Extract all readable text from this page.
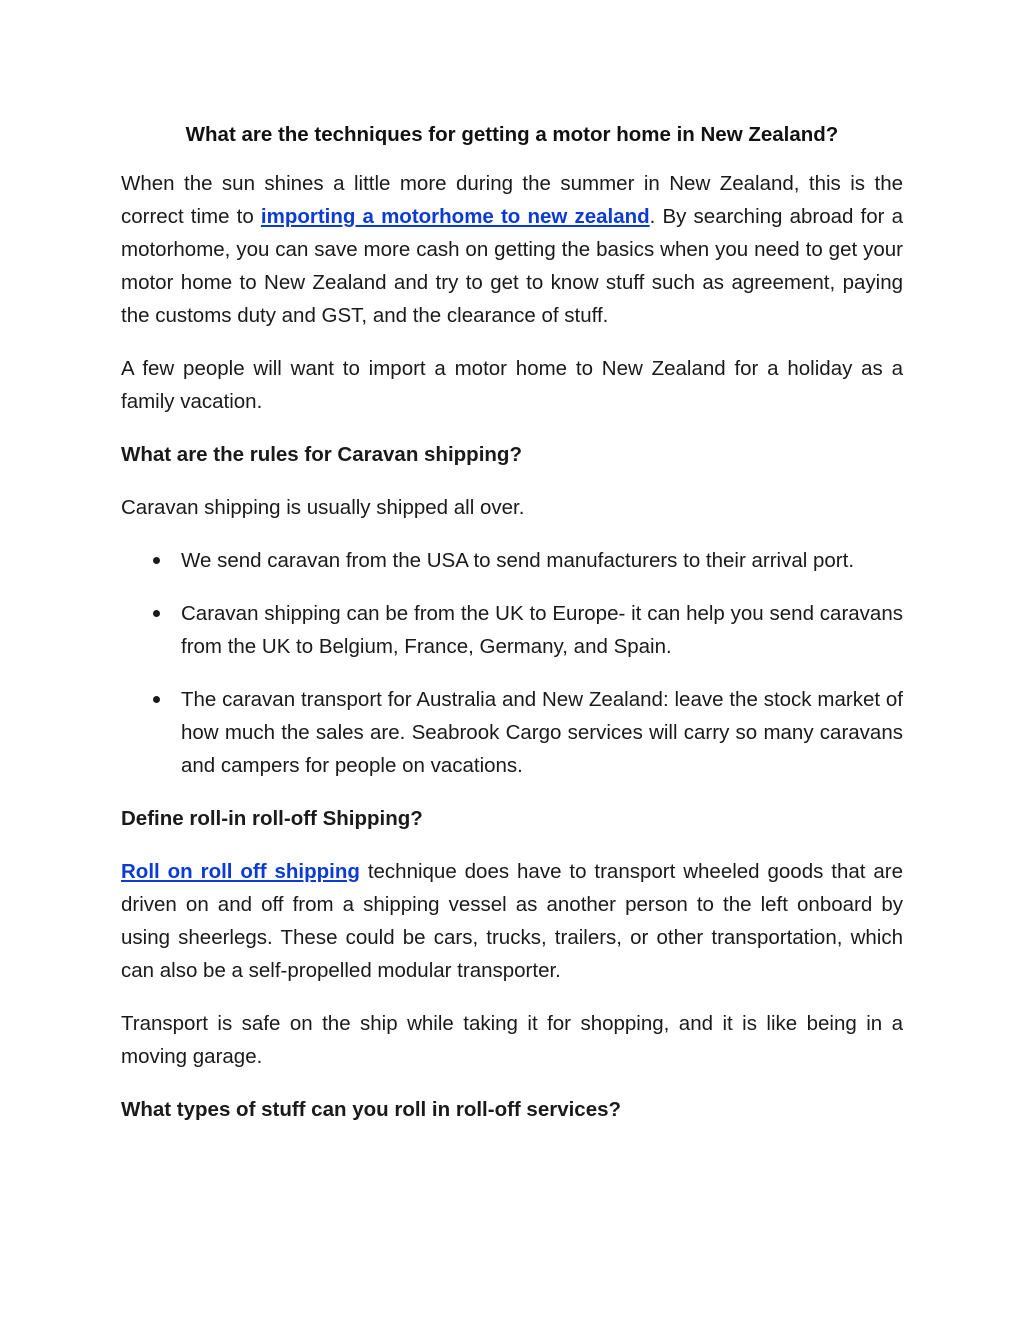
What are the techniques for getting a motor home in New Zealand?

When the sun shines a little more during the summer in New Zealand, this is the correct time to importing a motorhome to new zealand. By searching abroad for a motorhome, you can save more cash on getting the basics when you need to get your motor home to New Zealand and try to get to know stuff such as agreement, paying the customs duty and GST, and the clearance of stuff.

A few people will want to import a motor home to New Zealand for a holiday as a family vacation.

What are the rules for Caravan shipping?

Caravan shipping is usually shipped all over.

We send caravan from the USA to send manufacturers to their arrival port.
Caravan shipping can be from the UK to Europe- it can help you send caravans from the UK to Belgium, France, Germany, and Spain.
The caravan transport for Australia and New Zealand: leave the stock market of how much the sales are. Seabrook Cargo services will carry so many caravans and campers for people on vacations.

Define roll-in roll-off Shipping?

Roll on roll off shipping technique does have to transport wheeled goods that are driven on and off from a shipping vessel as another person to the left onboard by using sheerlegs. These could be cars, trucks, trailers, or other transportation, which can also be a self-propelled modular transporter.

Transport is safe on the ship while taking it for shopping, and it is like being in a moving garage.

What types of stuff can you roll in roll-off services?
